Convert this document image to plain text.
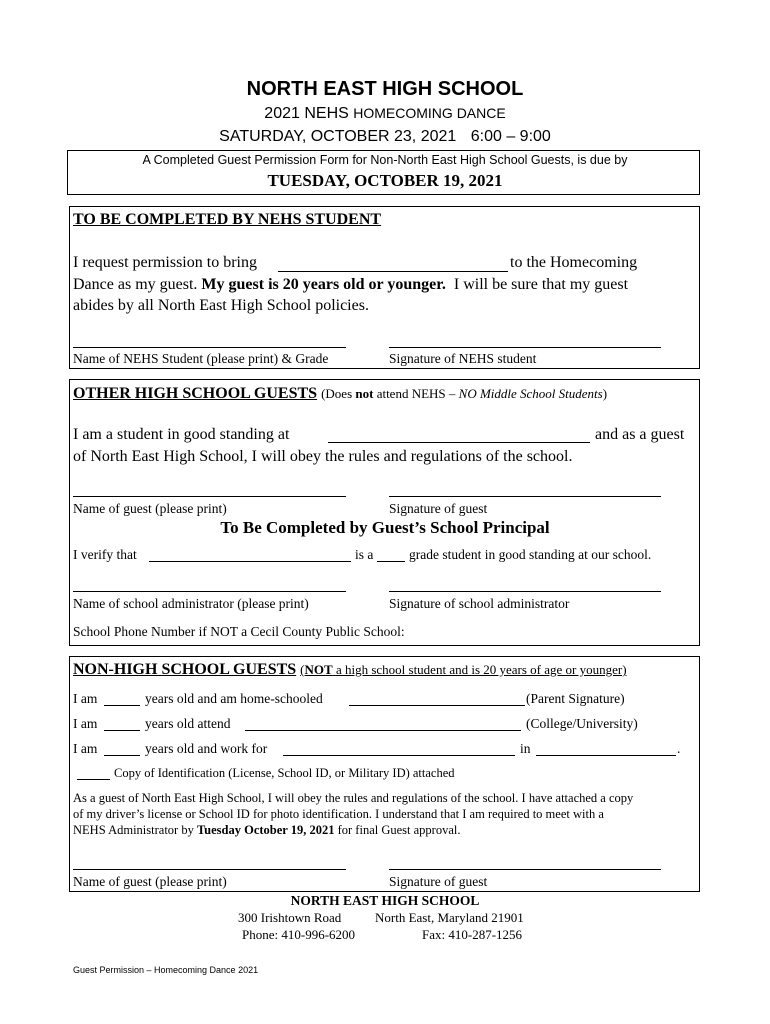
NORTH EAST HIGH SCHOOL
2021 NEHS HOMECOMING DANCE
SATURDAY, OCTOBER 23, 2021 6:00 – 9:00
A Completed Guest Permission Form for Non-North East High School Guests, is due by
TUESDAY, OCTOBER 19, 2021
TO BE COMPLETED BY NEHS STUDENT
I request permission to bring	to the Homecoming
Dance as my guest. My guest is 20 years old or younger. I will be sure that my guest
abides by all North East High School policies.
Name of NEHS Student (please print) & Grade	Signature of NEHS student
OTHER HIGH SCHOOL GUESTS (Does not attend NEHS – NO Middle School Students)
I am a student in good standing at	and as a guest
of North East High School, I will obey the rules and regulations of the school.
Name of guest (please print)	Signature of guest
To Be Completed by Guest’s School Principal
I verify that	is a	grade student in good standing at our school.
Name of school administrator (please print)	Signature of school administrator
School Phone Number if NOT a Cecil County Public School:
NON-HIGH SCHOOL GUESTS (NOT a high school student and is 20 years of age or younger)
I am	years old and am home-schooled	(Parent Signature)
I am	years old attend	(College/University)
I am	years old and work for	in	.
Copy of Identification (License, School ID, or Military ID) attached
As a guest of North East High School, I will obey the rules and regulations of the school. I have attached a copy
of my driver’s license or School ID for photo identification. I understand that I am required to meet with a
NEHS Administrator by Tuesday October 19, 2021 for final Guest approval.
Name of guest (please print)	Signature of guest
NORTH EAST HIGH SCHOOL
300 Irishtown Road	North East, Maryland 21901
Phone: 410-996-6200	Fax: 410-287-1256
Guest Permission – Homecoming Dance 2021
